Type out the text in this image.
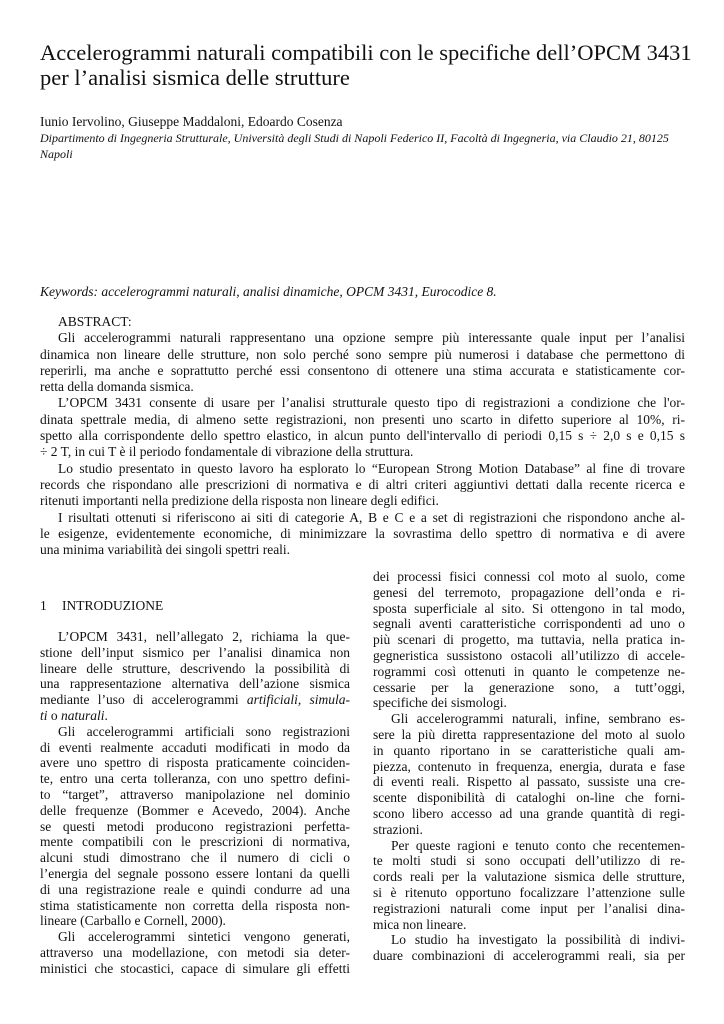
Accelerogrammi naturali compatibili con le specifiche dell’OPCM 3431
per l’analisi sismica delle strutture
Iunio Iervolino, Giuseppe Maddaloni, Edoardo Cosenza
Dipartimento di Ingegneria Strutturale, Università degli Studi di Napoli Federico II, Facoltà di Ingegneria, via Claudio 21, 80125
Napoli
Keywords: accelerogrammi naturali, analisi dinamiche, OPCM 3431, Eurocodice 8.
ABSTRACT:
Gli accelerogrammi naturali rappresentano una opzione sempre più interessante quale input per l’analisi
dinamica non lineare delle strutture, non solo perché sono sempre più numerosi i database che permettono di
reperirli, ma anche e soprattutto perché essi consentono di ottenere una stima accurata e statisticamente cor-
retta della domanda sismica.
L’OPCM 3431 consente di usare per l’analisi strutturale questo tipo di registrazioni a condizione che l'or-
dinata spettrale media, di almeno sette registrazioni, non presenti uno scarto in difetto superiore al 10%, ri-
spetto alla corrispondente dello spettro elastico, in alcun punto dell'intervallo di periodi 0,15 s ÷ 2,0 s e 0,15 s
÷ 2 T, in cui T è il periodo fondamentale di vibrazione della struttura.
Lo studio presentato in questo lavoro ha esplorato lo “European Strong Motion Database” al fine di trovare
records che rispondano alle prescrizioni di normativa e di altri criteri aggiuntivi dettati dalla recente ricerca e
ritenuti importanti nella predizione della risposta non lineare degli edifici.
I risultati ottenuti si riferiscono ai siti di categorie A, B e C e a set di registrazioni che rispondono anche al-
le esigenze, evidentemente economiche, di minimizzare la sovrastima dello spettro di normativa e di avere
una minima variabilità dei singoli spettri reali.
1 INTRODUZIONE
L’OPCM 3431, nell’allegato 2, richiama la que-
stione dell’input sismico per l’analisi dinamica non
lineare delle strutture, descrivendo la possibilità di
una rappresentazione alternativa dell’azione sismica
mediante l’uso di accelerogrammi artificiali, simula-
ti o naturali.
Gli accelerogrammi artificiali sono registrazioni
di eventi realmente accaduti modificati in modo da
avere uno spettro di risposta praticamente coinciden-
te, entro una certa tolleranza, con uno spettro defini-
to “target”, attraverso manipolazione nel dominio
delle frequenze (Bommer e Acevedo, 2004). Anche
se questi metodi producono registrazioni perfetta-
mente compatibili con le prescrizioni di normativa,
alcuni studi dimostrano che il numero di cicli o
l’energia del segnale possono essere lontani da quelli
di una registrazione reale e quindi condurre ad una
stima statisticamente non corretta della risposta non-
lineare (Carballo e Cornell, 2000).
Gli accelerogrammi sintetici vengono generati,
attraverso una modellazione, con metodi sia deter-
ministici che stocastici, capace di simulare gli effetti
dei processi fisici connessi col moto al suolo, come
genesi del terremoto, propagazione dell’onda e ri-
sposta superficiale al sito. Si ottengono in tal modo,
segnali aventi caratteristiche corrispondenti ad uno o
più scenari di progetto, ma tuttavia, nella pratica in-
gegneristica sussistono ostacoli all’utilizzo di accele-
rogrammi così ottenuti in quanto le competenze ne-
cessarie per la generazione sono, a tutt’oggi,
specifiche dei sismologi.
Gli accelerogrammi naturali, infine, sembrano es-
sere la più diretta rappresentazione del moto al suolo
in quanto riportano in se caratteristiche quali am-
piezza, contenuto in frequenza, energia, durata e fase
di eventi reali. Rispetto al passato, sussiste una cre-
scente disponibilità di cataloghi on-line che forni-
scono libero accesso ad una grande quantità di regi-
strazioni.
Per queste ragioni e tenuto conto che recentemen-
te molti studi si sono occupati dell’utilizzo di re-
cords reali per la valutazione sismica delle strutture,
si è ritenuto opportuno focalizzare l’attenzione sulle
registrazioni naturali come input per l’analisi dina-
mica non lineare.
Lo studio ha investigato la possibilità di indivi-
duare combinazioni di accelerogrammi reali, sia per
